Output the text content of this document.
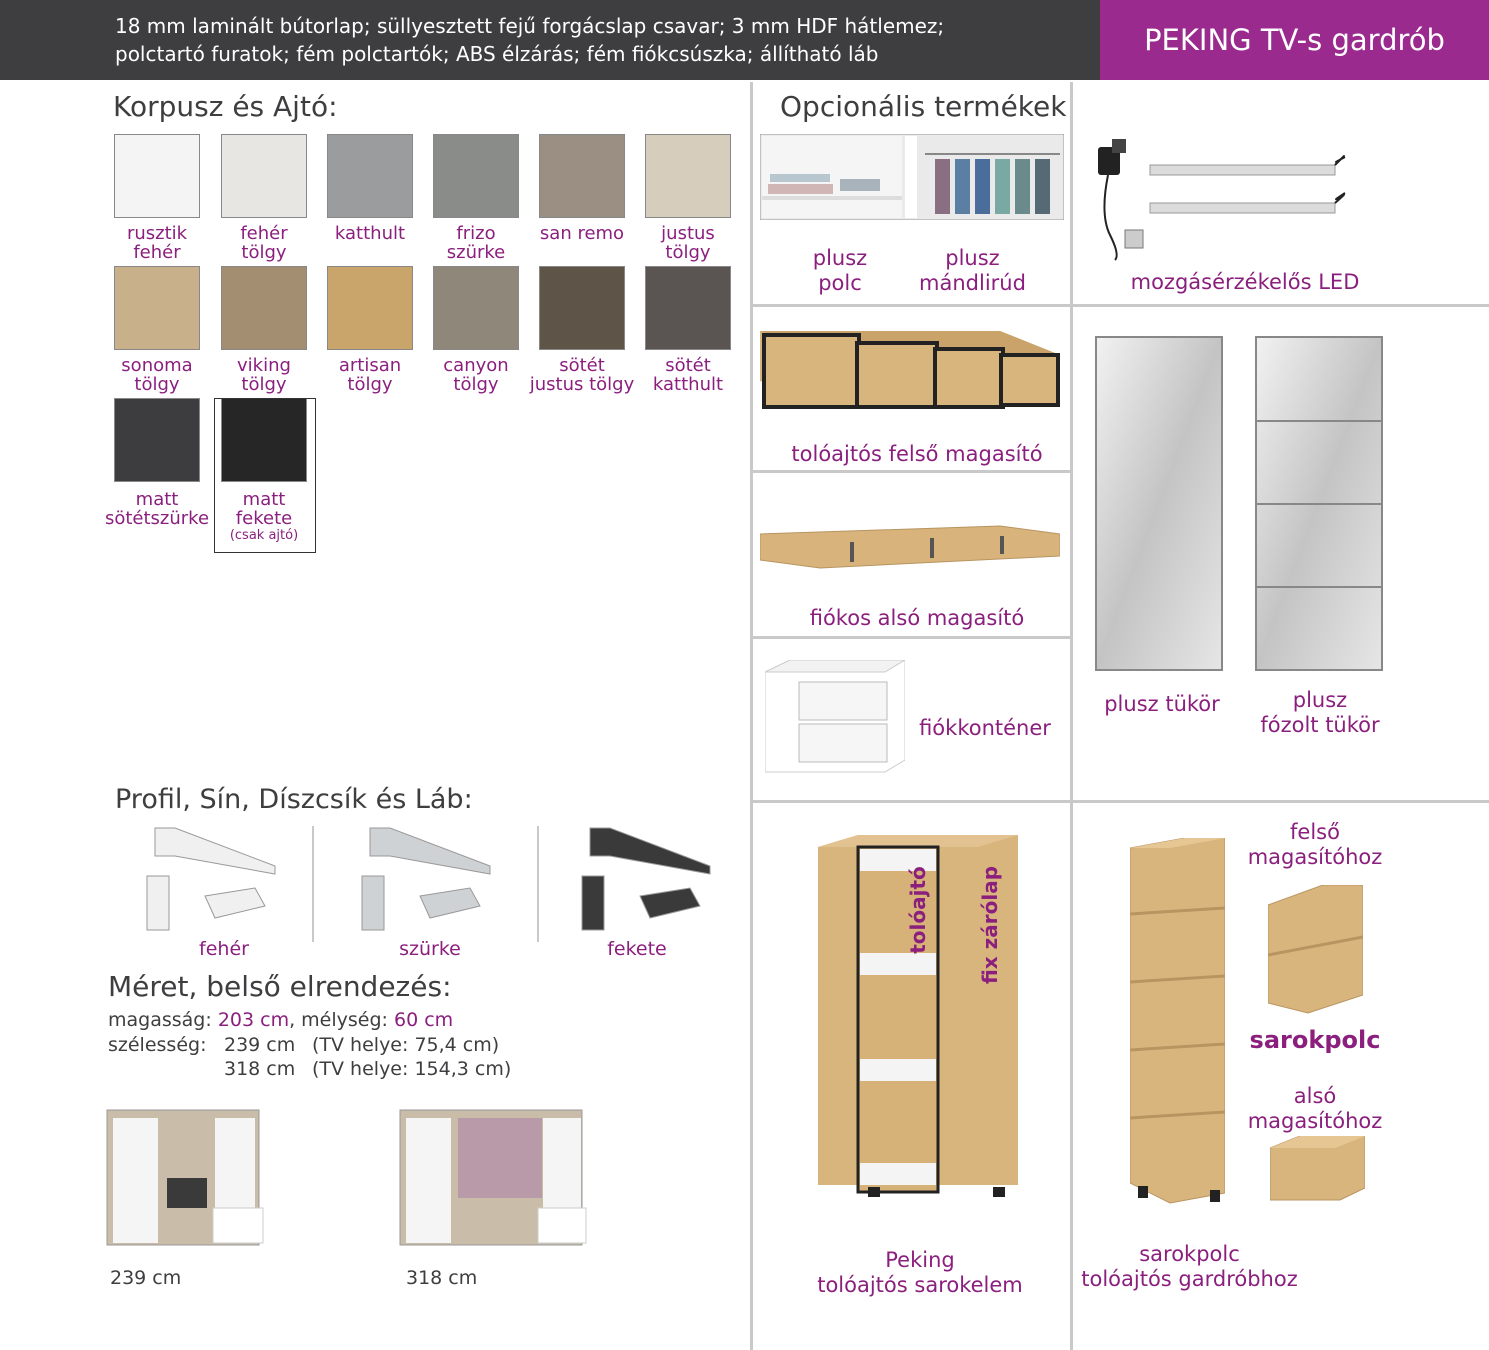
18 mm laminált bútorlap; süllyesztett fejű forgácslap csavar; 3 mm HDF hátlemez;
polctartó furatok; fém polctartók; ABS élzárás; fém fiókcsúszka; állítható láb	PEKING TV-s gardrób
Korpusz és Ajtó:
rusztik
fehér
fehér
tölgy
katthult	frizo
szürke
san remo	justus
tölgy
sonoma
tölgy
viking
tölgy
artisan
tölgy
canyon
tölgy
sötét
justus tölgy
sötét
katthult
matt
sötétszürke
matt
fekete
(csak ajtó)
Opcionális termékek
plusz
polc
plusz
mándlirúd	mozgásérzékelős LED
tolóajtós felső magasító
fiókos alsó magasító
fiókkonténer
plusz tükör	plusz
fózolt tükör
Profil, Sín, Díszcsík és Láb:
fehér	szürke	fekete
Méret, belső elrendezés:
magasság: 203 cm, mélység: 60 cm
szélesség: 239 cm (TV helye: 75,4 cm)
318 cm (TV helye: 154,3 cm)
239 cm	318 cm
tolóajtó fix zárólap
Peking
tolóajtós sarokelem
felső
magasítóhoz
sarokpolc
alsó
magasítóhoz
sarokpolc
tolóajtós gardróbhoz
